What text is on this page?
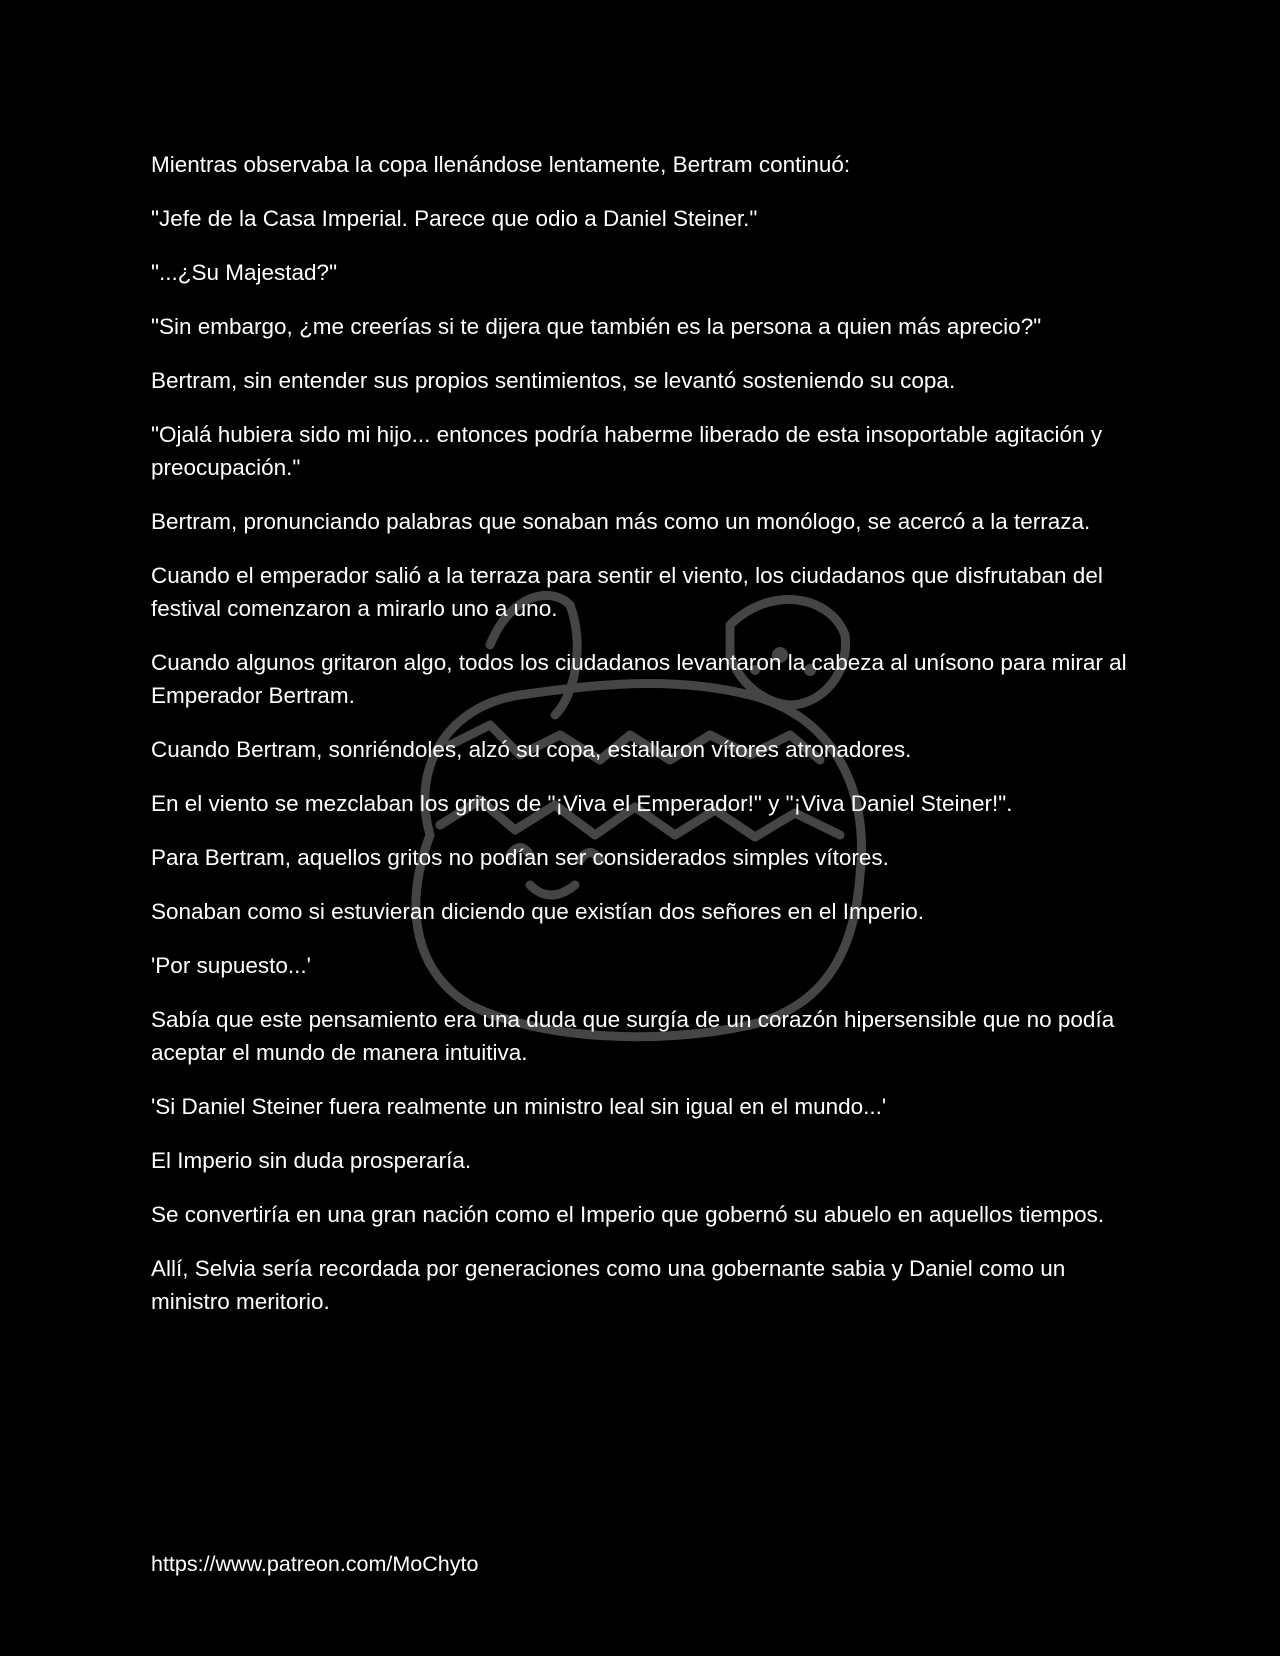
Mientras observaba la copa llenándose lentamente, Bertram continuó:

"Jefe de la Casa Imperial. Parece que odio a Daniel Steiner."

"...¿Su Majestad?"

"Sin embargo, ¿me creerías si te dijera que también es la persona a quien más aprecio?"

Bertram, sin entender sus propios sentimientos, se levantó sosteniendo su copa.

"Ojalá hubiera sido mi hijo... entonces podría haberme liberado de esta insoportable agitación y preocupación."

Bertram, pronunciando palabras que sonaban más como un monólogo, se acercó a la terraza.

Cuando el emperador salió a la terraza para sentir el viento, los ciudadanos que disfrutaban del festival comenzaron a mirarlo uno a uno.

Cuando algunos gritaron algo, todos los ciudadanos levantaron la cabeza al unísono para mirar al Emperador Bertram.

Cuando Bertram, sonriéndoles, alzó su copa, estallaron vítores atronadores.

En el viento se mezclaban los gritos de "¡Viva el Emperador!" y "¡Viva Daniel Steiner!".

Para Bertram, aquellos gritos no podían ser considerados simples vítores.

Sonaban como si estuvieran diciendo que existían dos señores en el Imperio.

'Por supuesto...'

Sabía que este pensamiento era una duda que surgía de un corazón hipersensible que no podía aceptar el mundo de manera intuitiva.

'Si Daniel Steiner fuera realmente un ministro leal sin igual en el mundo...'

El Imperio sin duda prosperaría.

Se convertiría en una gran nación como el Imperio que gobernó su abuelo en aquellos tiempos.

Allí, Selvia sería recordada por generaciones como una gobernante sabia y Daniel como un ministro meritorio.

https://www.patreon.com/MoChyto
